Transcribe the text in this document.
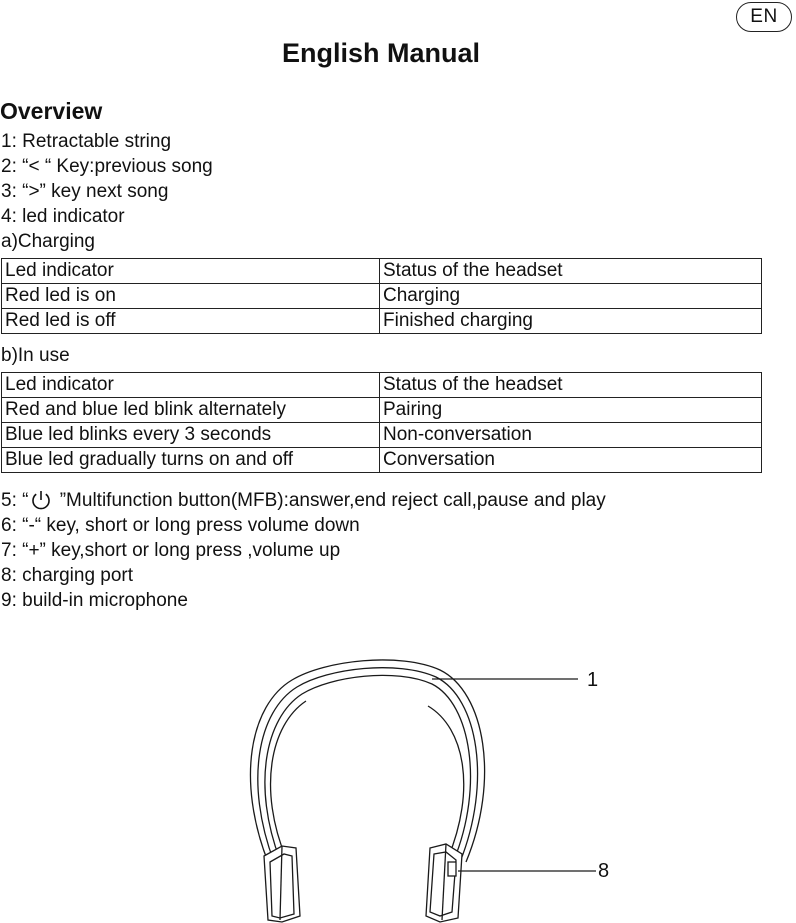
EN
English Manual
Overview
1: Retractable string
2: “< “ Key:previous song
3: “>” key next song
4: led indicator
a)Charging
Led indicator	Status of the headset
Red led is on	Charging
Red led is off	Finished charging
b)In use
Led indicator	Status of the headset
Red and blue led blink alternately	Pairing
Blue led blinks every 3 seconds	Non-conversation
Blue led gradually turns on and off	Conversation
5: “ ”Multifunction button(MFB):answer,end reject call,pause and play
6: “-“ key, short or long press volume down
7: “+” key,short or long press ,volume up
8: charging port
9: build-in microphone
1
8
